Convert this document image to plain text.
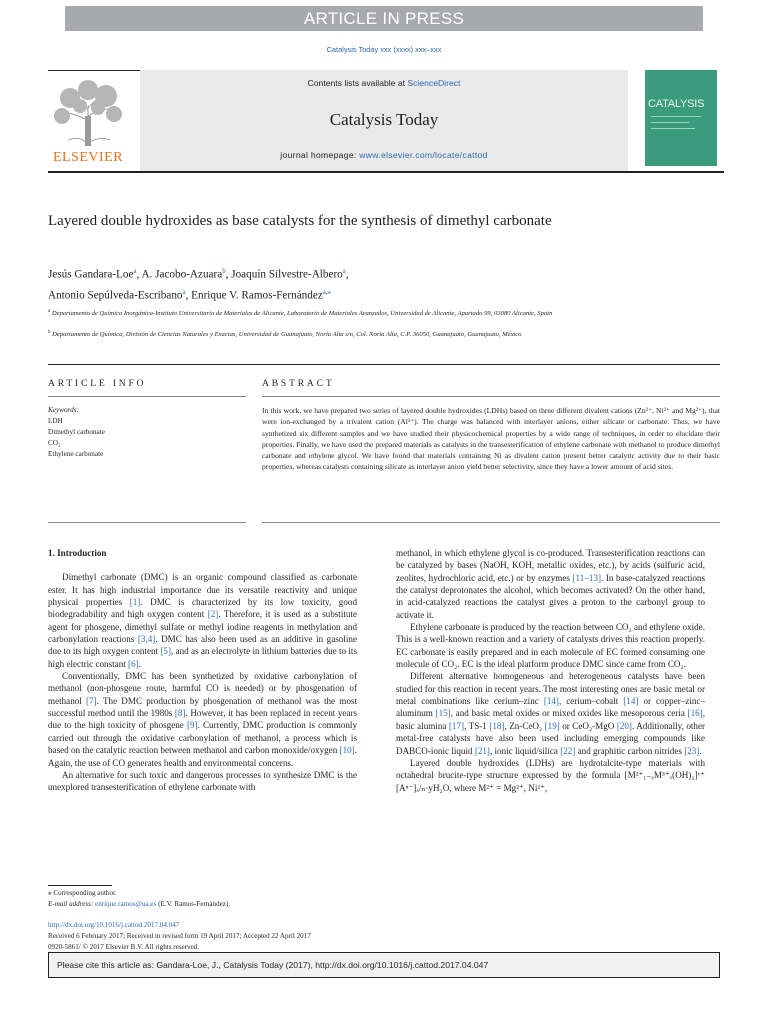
ARTICLE IN PRESS
Catalysis Today xxx (xxxx) xxx–xxx
ELSEVIER
Contents lists available at ScienceDirect
Catalysis Today
journal homepage: www.elsevier.com/locate/cattod
CATALYSIS
Layered double hydroxides as base catalysts for the synthesis of dimethyl carbonate
Jesús Gandara-Loe$^a$, A. Jacobo-Azuara$^b$, Joaquín Silvestre-Albero$^a$,
Antonio Sepúlveda-Escribano$^a$, Enrique V. Ramos-Fernández$^{a,⁎}$
$^a$ Departamento de Química Inorgánica-Instituto Universitario de Materiales de Alicante, Laboratorio de Materiales Avanzados, Universidad de Alicante, Apartado 99, 03080 Alicante, Spain
$^b$ Departamento de Química, División de Ciencias Naturales y Exactas, Universidad de Guanajuato, Noria Alta s/n, Col. Noria Alta, C.P. 36050, Guanajuato, Guanajuato, México
ARTICLE INFO	ABSTRACT
Keywords:
LDH
Dimethyl carbonate
CO₂
Ethylene carbonate
In this work, we have prepared two series of layered double hydroxides (LDHs) based on three different divalent cations (Zn²⁺, Ni²⁺ and Mg²⁺), that were ion-exchanged by a trivalent cation (Al³⁺). The charge was balanced with interlayer anions, either silicate or carbonate. Thus, we have synthetized six different samples and we have studied their physicochemical properties by a wide range of techniques, in order to elucidate their properties. Finally, we have used the prepared materials as catalysts in the transesterification of ethylene carbonate with methanol to produce dimethyl carbonate and ethylene glycol. We have found that materials containing Ni as divalent cation present better catalytic activity due to their basic properties, whereas catalysts containing silicate as interlayer anion yield better selectivity, since they have a lower amount of acid sites.

1. Introduction

Dimethyl carbonate (DMC) is an organic compound classified as carbonate ester. It has high industrial importance due its versatile reactivity and unique physical properties [1]. DMC is characterized by its low toxicity, good biodegradability and high oxygen content [2]. Therefore, it is used as a substitute agent for phosgene, dimethyl sulfate or methyl iodine reagents in methylation and carbonylation reactions [3,4]. DMC has also been used as an additive in gasoline due to its high oxygen content [5], and as an electrolyte in lithium batteries due to its high electric constant [6].

Conventionally, DMC has been synthetized by oxidative carbonylation of methanol (non-phosgene route, harmful CO is needed) or by phosgenation of methanol [7]. The DMC production by phosgenation of methanol was the most successful method until the 1980s [8]. However, it has been replaced in recent years due to the high toxicity of phosgene [9]. Currently, DMC production is commonly carried out through the oxidative carbonylation of methanol, a process which is based on the catalytic reaction between methanol and carbon monoxide/oxygen [10]. Again, the use of CO generates health and environmental concerns.

An alternative for such toxic and dangerous processes to synthesize DMC is the unexplored transesterification of ethylene carbonate with

methanol, in which ethylene glycol is co-produced. Transesterification reactions can be catalyzed by bases (NaOH, KOH, metallic oxides, etc.), by acids (sulfuric acid, zeolites, hydrochloric acid, etc.) or by enzymes [11–13]. In base-catalyzed reactions the catalyst deprotonates the alcohol, which becomes activated? On the other hand, in acid-catalyzed reactions the catalyst gives a proton to the carbonyl group to activate it.

Ethylene carbonate is produced by the reaction between CO₂ and ethylene oxide. This is a well-known reaction and a variety of catalysts drives this reaction properly. EC carbonate is easily prepared and in each molecule of EC formed consuming one molecule of CO₂. EC is the ideal platform produce DMC since came from CO₂.

Different alternative homogeneous and heterogeneous catalysts have been studied for this reaction in recent years. The most interesting ones are basic metal or metal combinations like cerium–zinc [14], cerium–cobalt [14] or copper–zinc–aluminum [15], and basic metal oxides or mixed oxides like mesoporous ceria [16], basic alumina [17], TS-1 [18], Zn-CeO₂ [19] or CeO₂-MgO [20]. Additionally, other metal-free catalysts have also been used including emerging compounds like DABCO-ionic liquid [21], ionic liquid/silica [22] and graphitic carbon nitrides [23].

Layered double hydroxides (LDHs) are hydrotalcite-type materials with octahedral brucite-type structure expressed by the formula [M²⁺₁₋ₓM³⁺ₓ(OH)₂]ˣ⁺ [Aⁿ⁻]ₓ/ₙ·yH₂O, where M²⁺ = Mg²⁺, Ni²⁺,

⁎ Corresponding author.
E-mail address: enrique.ramos@ua.es (E.V. Ramos-Fernández).
http://dx.doi.org/10.1016/j.cattod.2017.04.047
Received 6 February 2017; Received in revised form 19 April 2017; Accepted 22 April 2017
0920-5861/ © 2017 Elsevier B.V. All rights reserved.
Please cite this article as: Gandara-Loe, J., Catalysis Today (2017), http://dx.doi.org/10.1016/j.cattod.2017.04.047
